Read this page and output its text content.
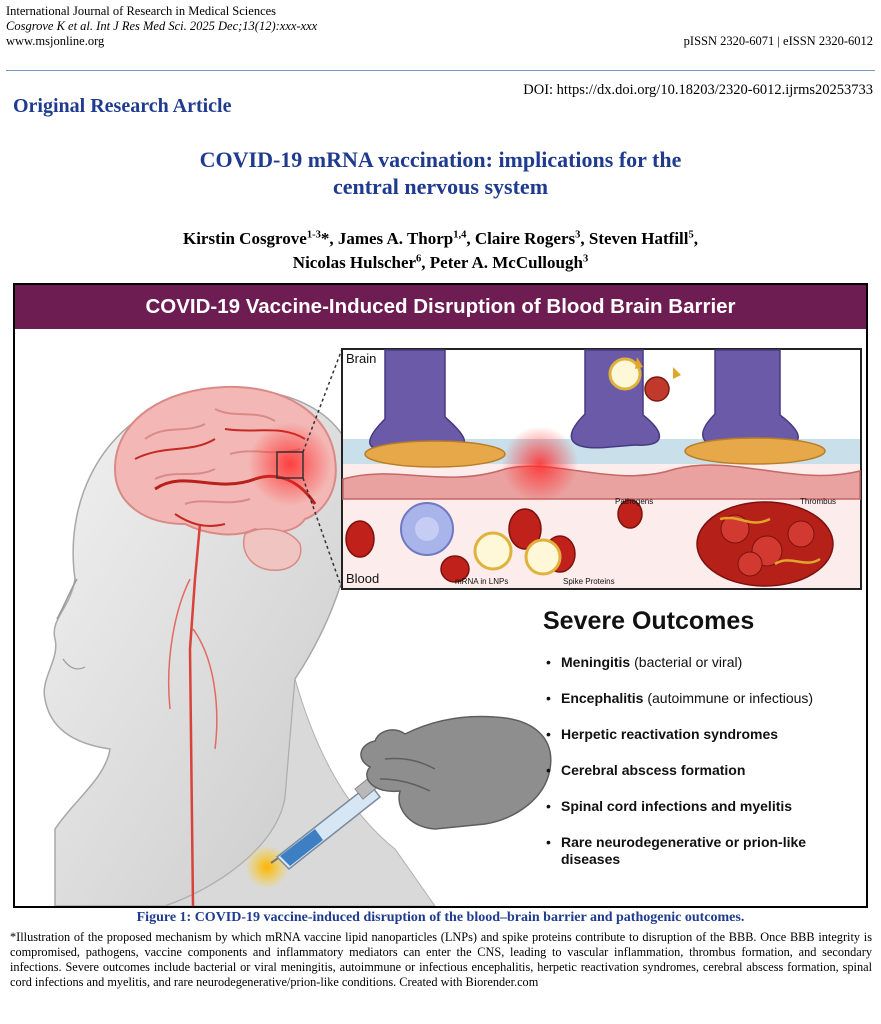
International Journal of Research in Medical Sciences
Cosgrove K et al. Int J Res Med Sci. 2025 Dec;13(12):xxx-xxx
www.msjonline.org	pISSN 2320-6071 | eISSN 2320-6012
Original Research Article
DOI: https://dx.doi.org/10.18203/2320-6012.ijrms20253733
COVID-19 mRNA vaccination: implications for the
central nervous system
Kirstin Cosgrove$^{1-3}$*, James A. Thorp$^{1,4}$, Claire Rogers$^3$, Steven Hatfill$^5$,
Nicolas Hulscher$^6$, Peter A. McCullough$^3$
COVID-19 Vaccine-Induced Disruption of Blood Brain Barrier
Brain
Blood
Pathogens	Thrombus
mRNA in LNPs	Spike Proteins
Severe Outcomes
• Meningitis (bacterial or viral)
• Encephalitis (autoimmune or infectious)
• Herpetic reactivation syndromes
• Cerebral abscess formation
• Spinal cord infections and myelitis
• Rare neurodegenerative or prion-like diseases
Figure 1: COVID-19 vaccine-induced disruption of the blood–brain barrier and pathogenic outcomes.
*Illustration of the proposed mechanism by which mRNA vaccine lipid nanoparticles (LNPs) and spike proteins contribute to disruption of the BBB. Once BBB integrity is compromised, pathogens, vaccine components and inflammatory mediators can enter the CNS, leading to vascular inflammation, thrombus formation, and secondary infections. Severe outcomes include bacterial or viral meningitis, autoimmune or infectious encephalitis, herpetic reactivation syndromes, cerebral abscess formation, spinal cord infections and myelitis, and rare neurodegenerative/prion-like conditions. Created with Biorender.com
